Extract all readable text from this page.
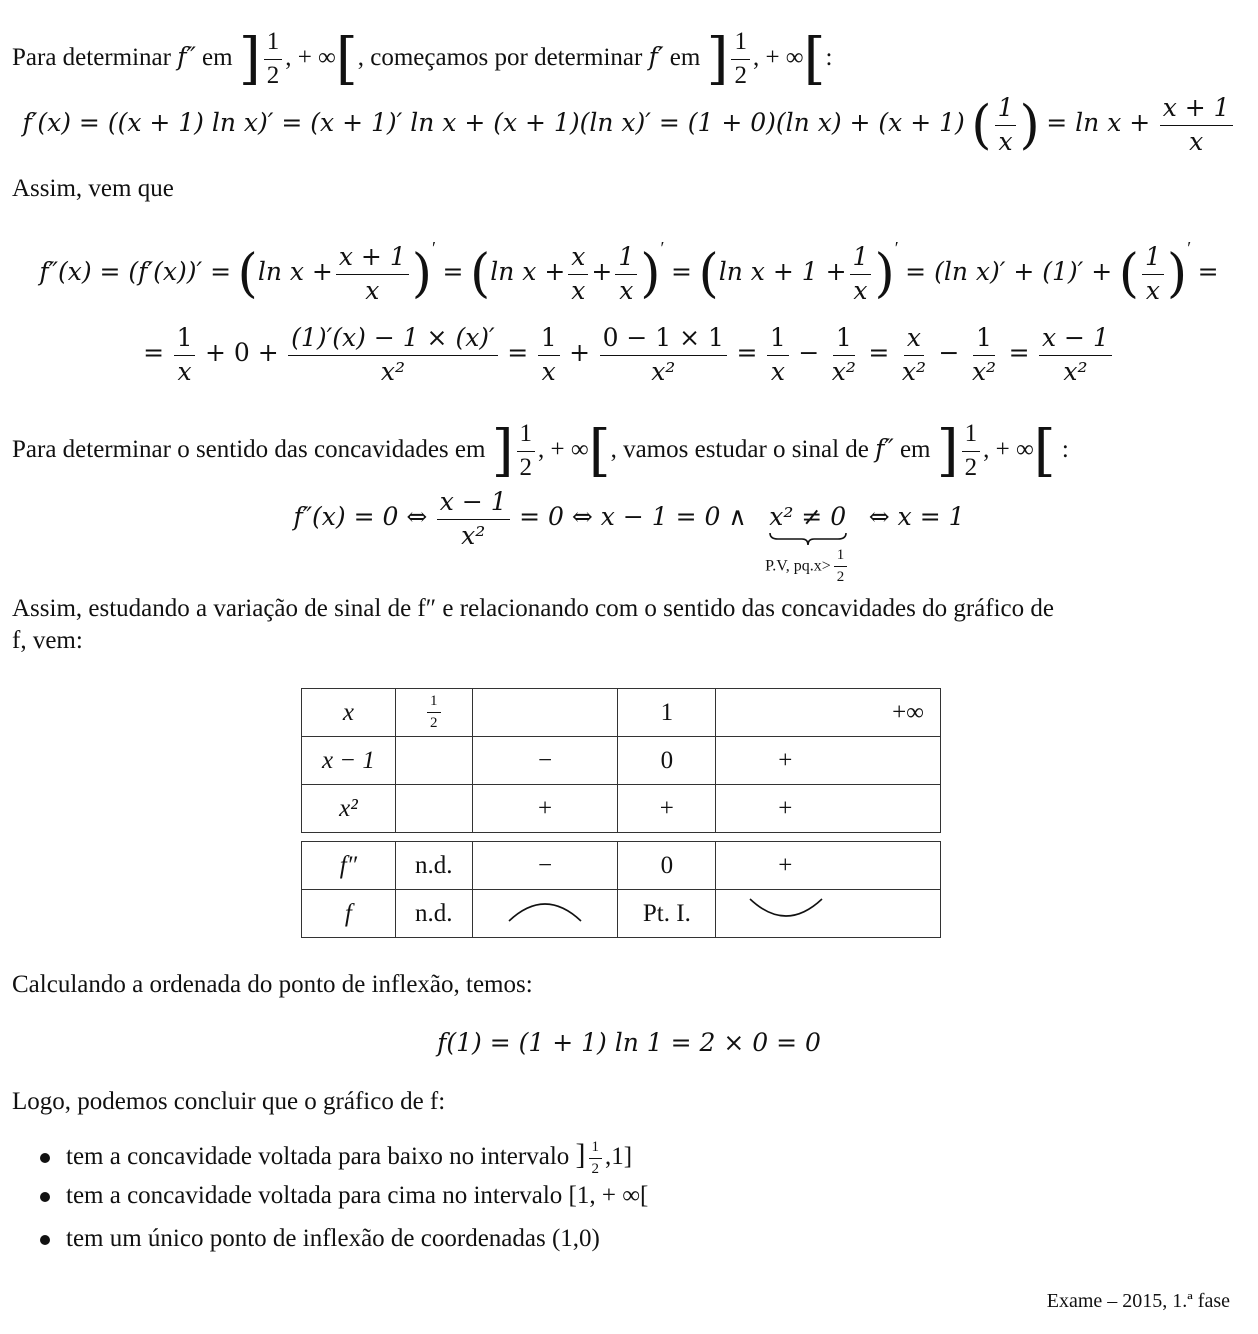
Para determinar f″ em ] $\frac{1}{2}$ , + ∞[, começamos por determinar f′ em ] $\frac{1}{2}$ , + ∞[:
f′(x) = ((x + 1) ln x)′ = (x + 1)′ ln x + (x + 1)(ln x)′ = (1 + 0)(ln x) + (x + 1) ( $\frac{1}{x}$ ) = $\ln x + \frac{x + 1}{x}$
Assim, vem que
f″(x) = (f′(x))′ = (ln $x + \frac{x + 1}{x} )' = (\ln$ $x + \frac{x}{x} + \frac{1}{x} )' = (\ln$ $x + 1 + \frac{1}{x} )' = (\ln$ x)′ + (1)′ + ( $\frac{1}{x} )'$ =
= $\frac{1}{x} + 0 + \frac{(1)'(x) - 1 \times (x)'}{\text{x²}} = \frac{1}{x} + \frac{0 - 1 \times 1}{\text{x²}} = \frac{1}{x} - \frac{1}{\text{x²}} = \frac{x}{\text{x²}} - \frac{1}{\text{x²}} = \frac{x - 1}{\text{x²}}$
Para determinar o sentido das concavidades em ] $\frac{1}{2}$ , + ∞[, vamos estudar o sinal de f″ em ] $\frac{1}{2}$ , + ∞[ :
f″(x) = 0 ⇔ $\frac{x - 1}{\text{x²}} = 0$ ⇔ x − 1 = 0 ∧ x² ≠ 0
P.V, $pq.x> \frac{1}{2}$
⇔ x = 1
Assim, estudando a variação de sinal de f″ e relacionando com o sentido das concavidades do gráfico de
f, vem:
x	$\frac{1}{2}$		1	+∞
x − 1		−	0	+
x²		+	+	+
f″	n.d.	−	0	+
f	n.d.		Pt. I.	
Calculando a ordenada do ponto de inflexão, temos:
f(1) = (1 + 1) ln 1 = 2 × 0 = 0
Logo, podemos concluir que o gráfico de f:
tem a concavidade voltada para baixo no intervalo ] $\frac{1}{2} ,1$]
tem a concavidade voltada para cima no intervalo [1, + ∞[
tem um único ponto de inflexão de coordenadas (1,0)
Exame – 2015, 1.ª fase
